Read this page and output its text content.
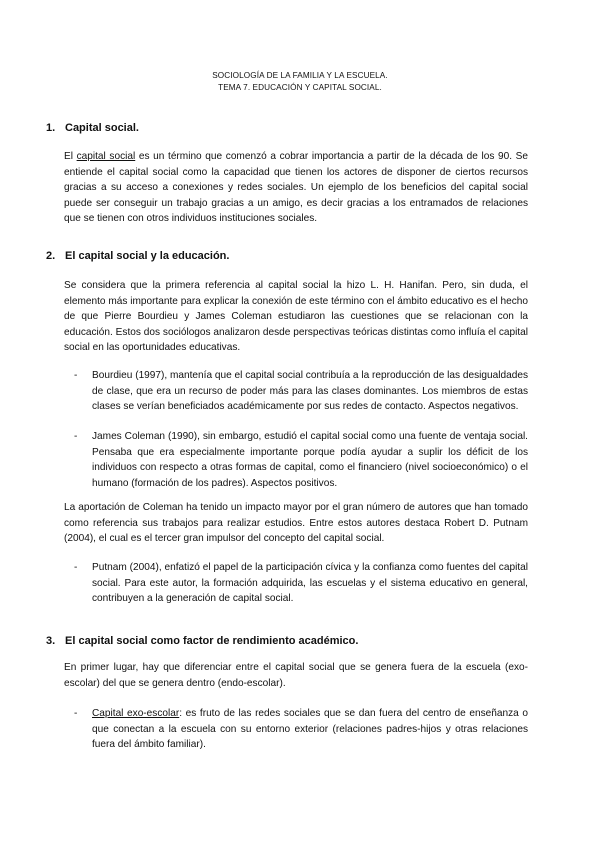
SOCIOLOGÍA DE LA FAMILIA Y LA ESCUELA.
TEMA 7. EDUCACIÓN Y CAPITAL SOCIAL.
1. Capital social.

El capital social es un término que comenzó a cobrar importancia a partir de la década de los 90. Se entiende el capital social como la capacidad que tienen los actores de disponer de ciertos recursos gracias a su acceso a conexiones y redes sociales. Un ejemplo de los beneficios del capital social puede ser conseguir un trabajo gracias a un amigo, es decir gracias a los entramados de relaciones que se tienen con otros individuos instituciones sociales.

2. El capital social y la educación.

Se considera que la primera referencia al capital social la hizo L. H. Hanifan. Pero, sin duda, el elemento más importante para explicar la conexión de este término con el ámbito educativo es el hecho de que Pierre Bourdieu y James Coleman estudiaron las cuestiones que se relacionan con la educación. Estos dos sociólogos analizaron desde perspectivas teóricas distintas como influía el capital social en las oportunidades educativas.

- Bourdieu (1997), mantenía que el capital social contribuía a la reproducción de las desigualdades de clase, que era un recurso de poder más para las clases dominantes. Los miembros de estas clases se verían beneficiados académicamente por sus redes de contacto. Aspectos negativos.
- James Coleman (1990), sin embargo, estudió el capital social como una fuente de ventaja social. Pensaba que era especialmente importante porque podía ayudar a suplir los déficit de los individuos con respecto a otras formas de capital, como el financiero (nivel socioeconómico) o el humano (formación de los padres). Aspectos positivos.

La aportación de Coleman ha tenido un impacto mayor por el gran número de autores que han tomado como referencia sus trabajos para realizar estudios. Entre estos autores destaca Robert D. Putnam (2004), el cual es el tercer gran impulsor del concepto del capital social.

- Putnam (2004), enfatizó el papel de la participación cívica y la confianza como fuentes del capital social. Para este autor, la formación adquirida, las escuelas y el sistema educativo en general, contribuyen a la generación de capital social.
3. El capital social como factor de rendimiento académico.

En primer lugar, hay que diferenciar entre el capital social que se genera fuera de la escuela (exo-escolar) del que se genera dentro (endo-escolar).

- Capital exo-escolar: es fruto de las redes sociales que se dan fuera del centro de enseñanza o que conectan a la escuela con su entorno exterior (relaciones padres-hijos y otras relaciones fuera del ámbito familiar).
